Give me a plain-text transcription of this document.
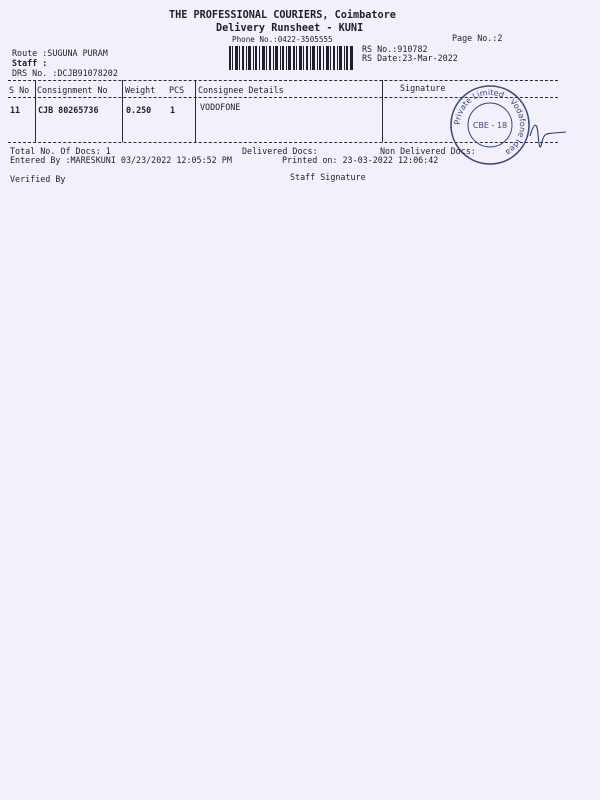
THE PROFESSIONAL COURIERS, Coimbatore
Delivery Runsheet - KUNI
Phone No.:0422-3505555	Page No.:2
Route :SUGUNA PURAM
Staff :
DRS No. :DCJB91078202
RS No.:910782
RS Date:23-Mar-2022
S No Consignment No Weight PCS Consignee Details	Signature
11 CJB 80265736	0.250 1	VODOFONE
Private Limited - Vodafone Idea
CBE - 18
Total No. Of Docs: 1	Delivered Docs:	Non Delivered Docs:
Entered By :MARESKUNI 03/23/2022 12:05:52 PM	Printed on: 23-03-2022 12:06:42
Verified By	Staff Signature
